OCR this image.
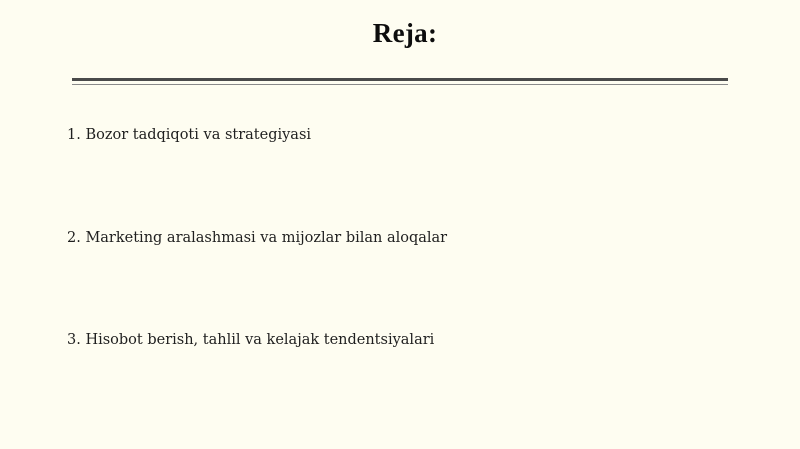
Reja:
1. Bozor tadqiqoti va strategiyasi
2. Marketing aralashmasi va mijozlar bilan aloqalar
3. Hisobot berish, tahlil va kelajak tendentsiyalari
